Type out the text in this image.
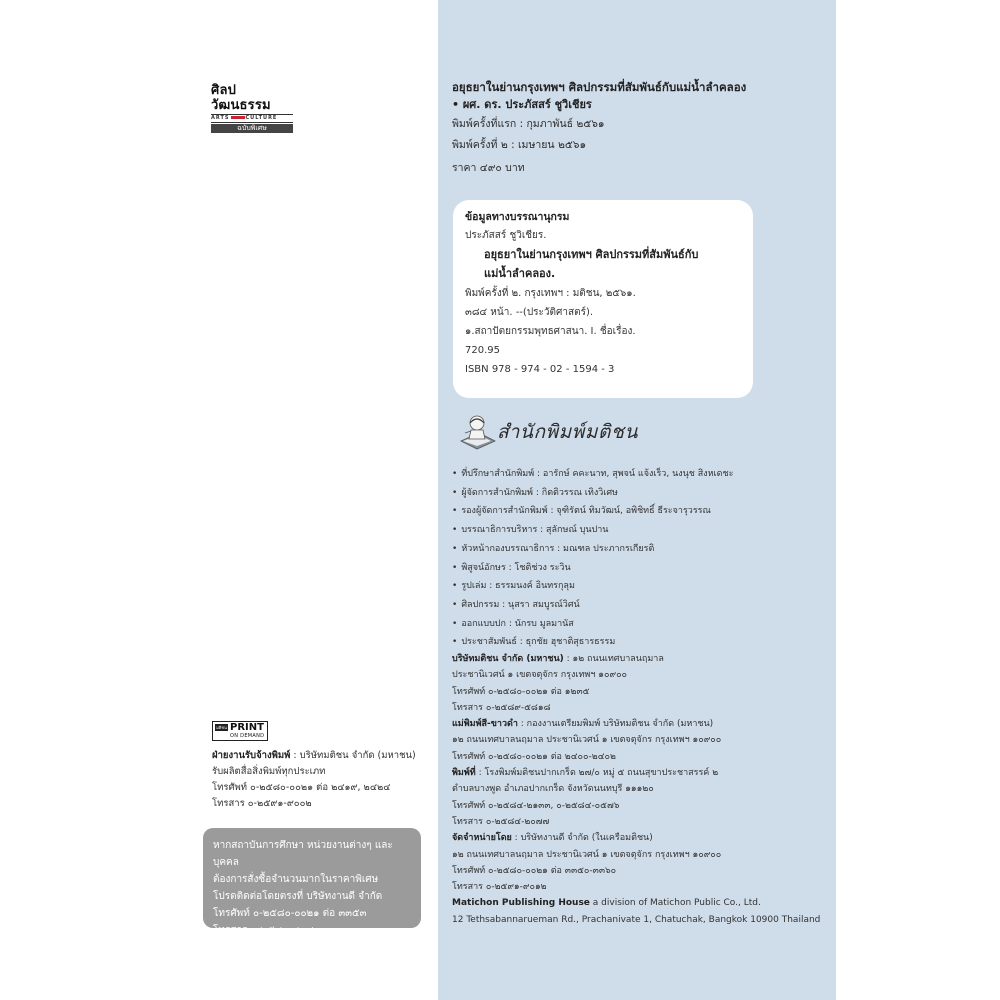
ศิลปวัฒนธรรม
ARTS	CULTURE
ฉบับพิเศษ
มติชน PRINT
ON DEMAND
ฝ่ายงานรับจ้างพิมพ์ : บริษัทมติชน จำกัด (มหาชน)
รับผลิตสื่อสิ่งพิมพ์ทุกประเภท
โทรศัพท์ ๐-๒๕๘๐-๐๐๒๑ ต่อ ๒๔๑๙, ๒๔๒๔
โทรสาร ๐-๒๕๙๑-๙๐๐๒
หากสถาบันการศึกษา หน่วยงานต่างๆ และบุคคล
ต้องการสั่งซื้อจำนวนมากในราคาพิเศษ
โปรดติดต่อโดยตรงที่ บริษัทงานดี จำกัด
โทรศัพท์ ๐-๒๕๘๐-๐๐๒๑ ต่อ ๓๓๕๓
โทรสาร ๐-๒๕๙๑-๙๐๑๒
อยุธยาในย่านกรุงเทพฯ ศิลปกรรมที่สัมพันธ์กับแม่น้ำลำคลอง
• ผศ. ดร. ประภัสสร์ ชูวิเชียร
พิมพ์ครั้งที่แรก : กุมภาพันธ์ ๒๕๖๑
พิมพ์ครั้งที่ ๒ : เมษายน ๒๕๖๑
ราคา ๔๙๐ บาท
ข้อมูลทางบรรณานุกรม
ประภัสสร์ ชูวิเชียร.
อยุธยาในย่านกรุงเทพฯ ศิลปกรรมที่สัมพันธ์กับ
แม่น้ำลำคลอง.
พิมพ์ครั้งที่ ๒. กรุงเทพฯ : มติชน, ๒๕๖๑.
๓๘๔ หน้า. --(ประวัติศาสตร์).
๑.สถาปัตยกรรมพุทธศาสนา. I. ชื่อเรื่อง.
720.95
ISBN 978 - 974 - 02 - 1594 - 3
สำนักพิมพ์มติชน
• ที่ปรึกษาสำนักพิมพ์ : อารักษ์ คคะนาท, สุพจน์ แจ้งเร็ว, นงนุช สิงหเดชะ
• ผู้จัดการสำนักพิมพ์ : กิตติวรรณ เทิงวิเศษ
• รองผู้จัดการสำนักพิมพ์ : จุฑิรัตน์ ทิมวัฒน์, อพิชิทธิ์ ธีระจารุวรรณ
• บรรณาธิการบริหาร : สุลักษณ์ บุนปาน
• หัวหน้ากองบรรณาธิการ : มณฑล ประภากรเกียรติ
• พิสูจน์อักษร : โชติช่วง ระวิน
• รูปเล่ม : ธรรมนงค์ อินทรกุลุม
• ศิลปกรรม : นุสรา สมบูรณ์วิศน์
• ออกแบบปก : นักรบ มูลมานัส
• ประชาสัมพันธ์ : ธุกชัย ฮุชาติสุธารธรรม
บริษัทมติชน จำกัด (มหาชน) : ๑๒ ถนนเทศบาลนฤมาล
ประชานิเวศน์ ๑ เขตจตุจักร กรุงเทพฯ ๑๐๙๐๐
โทรศัพท์ ๐-๒๕๘๐-๐๐๒๑ ต่อ ๑๒๓๕
โทรสาร ๐-๒๕๘๙-๕๘๑๘
แม่พิมพ์สี-ขาวดำ : กองงานเตรียมพิมพ์ บริษัทมติชน จำกัด (มหาชน)
๑๒ ถนนเทศบาลนฤมาล ประชานิเวศน์ ๑ เขตจตุจักร กรุงเทพฯ ๑๐๙๐๐
โทรศัพท์ ๐-๒๕๘๐-๐๐๒๑ ต่อ ๒๔๐๐-๒๔๐๒
พิมพ์ที่ : โรงพิมพ์มติชนปากเกร็ด ๒๗/๐ หมู่ ๕ ถนนสุขาประชาสรรค์ ๒
ตำบลบางพูด อำเภอปากเกร็ด จังหวัดนนทบุรี ๑๑๑๒๐
โทรศัพท์ ๐-๒๕๘๔-๒๑๓๓, ๐-๒๕๘๔-๐๕๗๖
โทรสาร ๐-๒๕๘๔-๒๐๗๗
จัดจำหน่ายโดย : บริษัทงานดี จำกัด (ในเครือมติชน)
๑๒ ถนนเทศบาลนฤมาล ประชานิเวศน์ ๑ เขตจตุจักร กรุงเทพฯ ๑๐๙๐๐
โทรศัพท์ ๐-๒๕๘๐-๐๐๒๑ ต่อ ๓๓๕๐-๓๓๖๐
โทรสาร ๐-๒๕๙๑-๙๐๑๒
Matichon Publishing House a division of Matichon Public Co., Ltd.
12 Tethsabannarueman Rd., Prachanivate 1, Chatuchak, Bangkok 10900 Thailand
